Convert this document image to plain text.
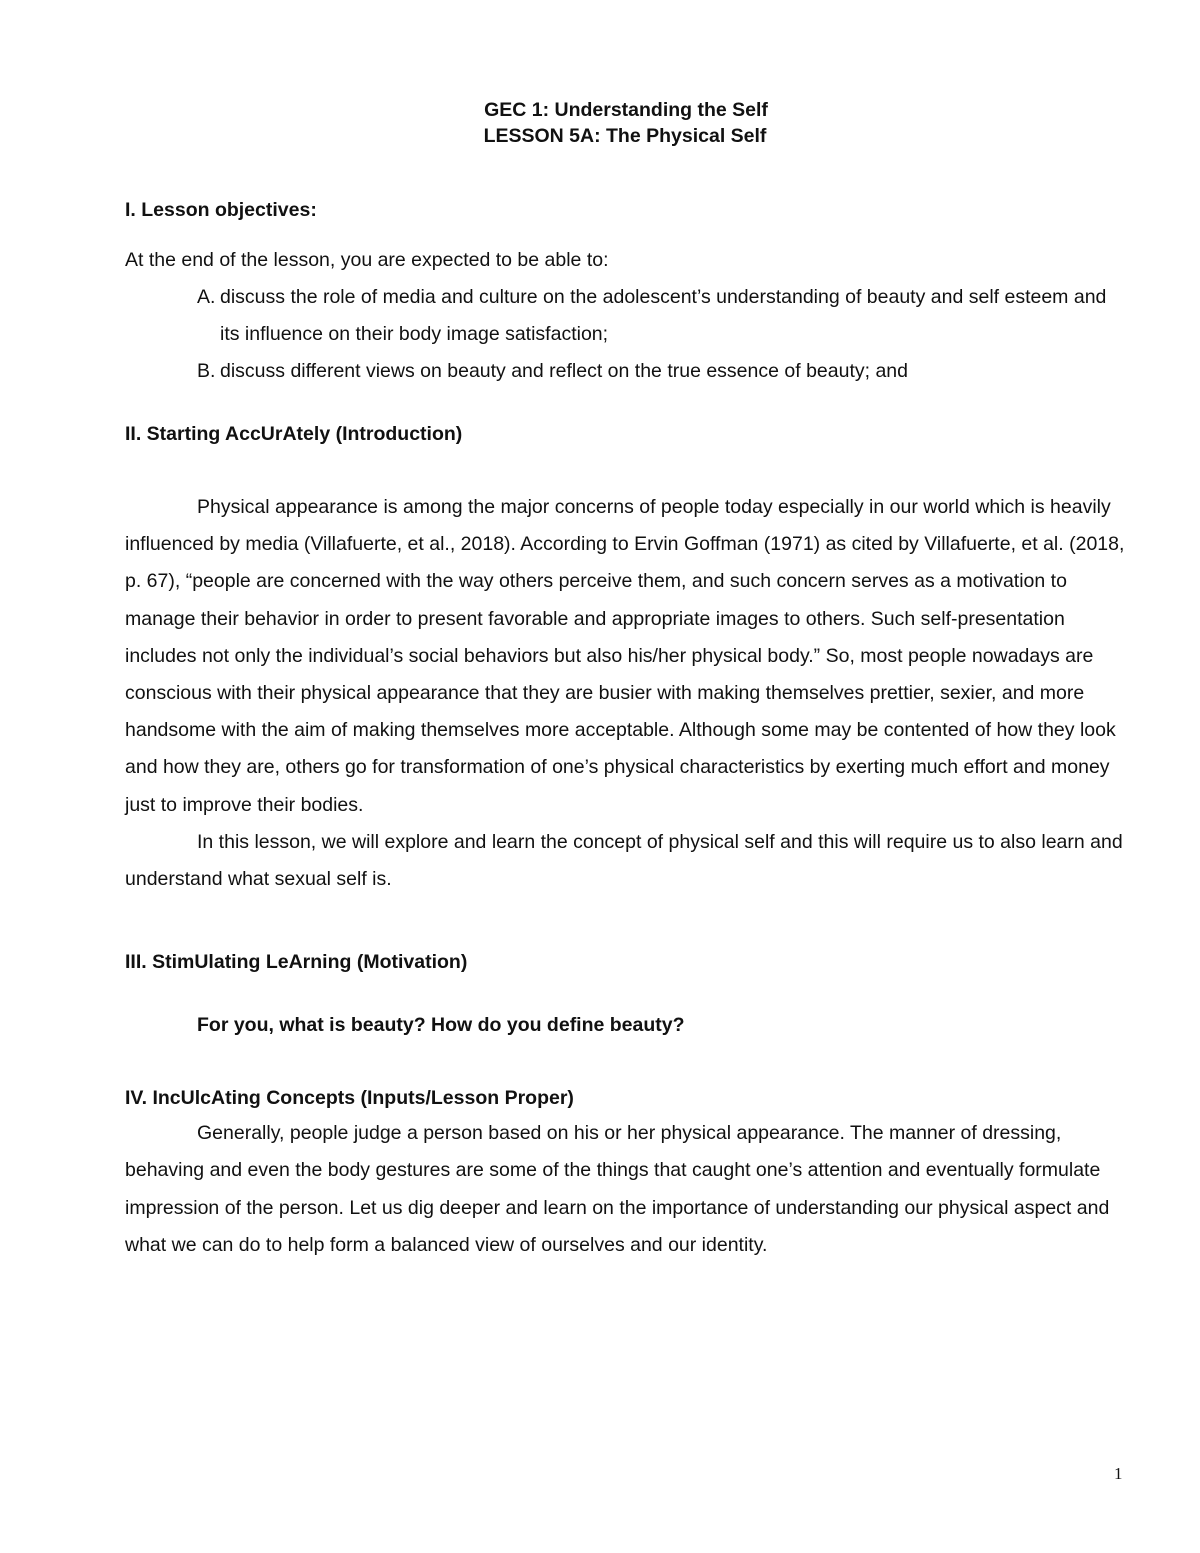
GEC 1: Understanding the Self

LESSON 5A: The Physical Self

I. Lesson objectives:

At the end of the lesson, you are expected to be able to:

A. discuss the role of media and culture on the adolescent’s understanding of beauty and self esteem and its influence on their body image satisfaction;
B. discuss different views on beauty and reflect on the true essence of beauty; and

II. Starting AccUrAtely (Introduction)

Physical appearance is among the major concerns of people today especially in our world which is heavily influenced by media (Villafuerte, et al., 2018). According to Ervin Goffman (1971) as cited by Villafuerte, et al. (2018, p. 67), “people are concerned with the way others perceive them, and such concern serves as a motivation to manage their behavior in order to present favorable and appropriate images to others. Such self-presentation includes not only the individual’s social behaviors but also his/her physical body.” So, most people nowadays are conscious with their physical appearance that they are busier with making themselves prettier, sexier, and more handsome with the aim of making themselves more acceptable. Although some may be contented of how they look and how they are, others go for transformation of one’s physical characteristics by exerting much effort and money just to improve their bodies.

In this lesson, we will explore and learn the concept of physical self and this will require us to also learn and understand what sexual self is.

III. StimUlating LeArning (Motivation)

For you, what is beauty? How do you define beauty?

IV. IncUlcAting Concepts (Inputs/Lesson Proper)

Generally, people judge a person based on his or her physical appearance. The manner of dressing, behaving and even the body gestures are some of the things that caught one’s attention and eventually formulate impression of the person. Let us dig deeper and learn on the importance of understanding our physical aspect and what we can do to help form a balanced view of ourselves and our identity.

1
